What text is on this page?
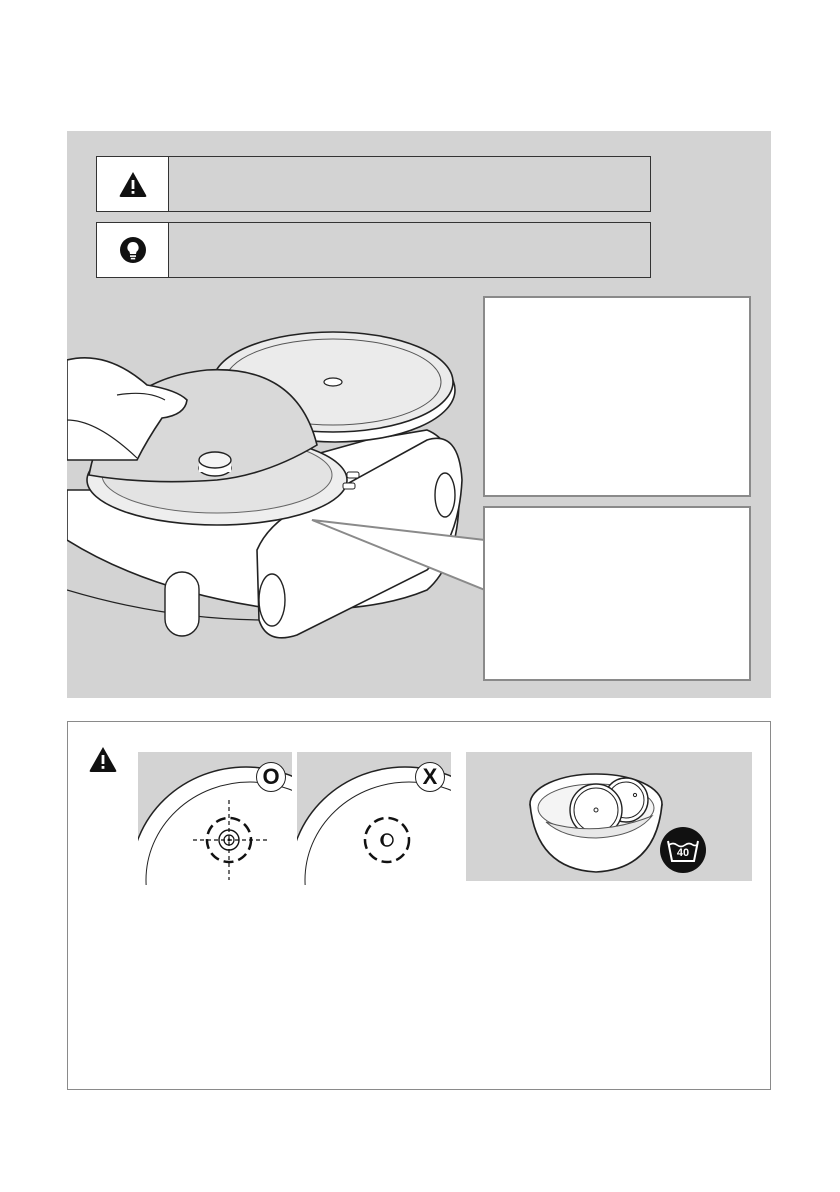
O	X
40
